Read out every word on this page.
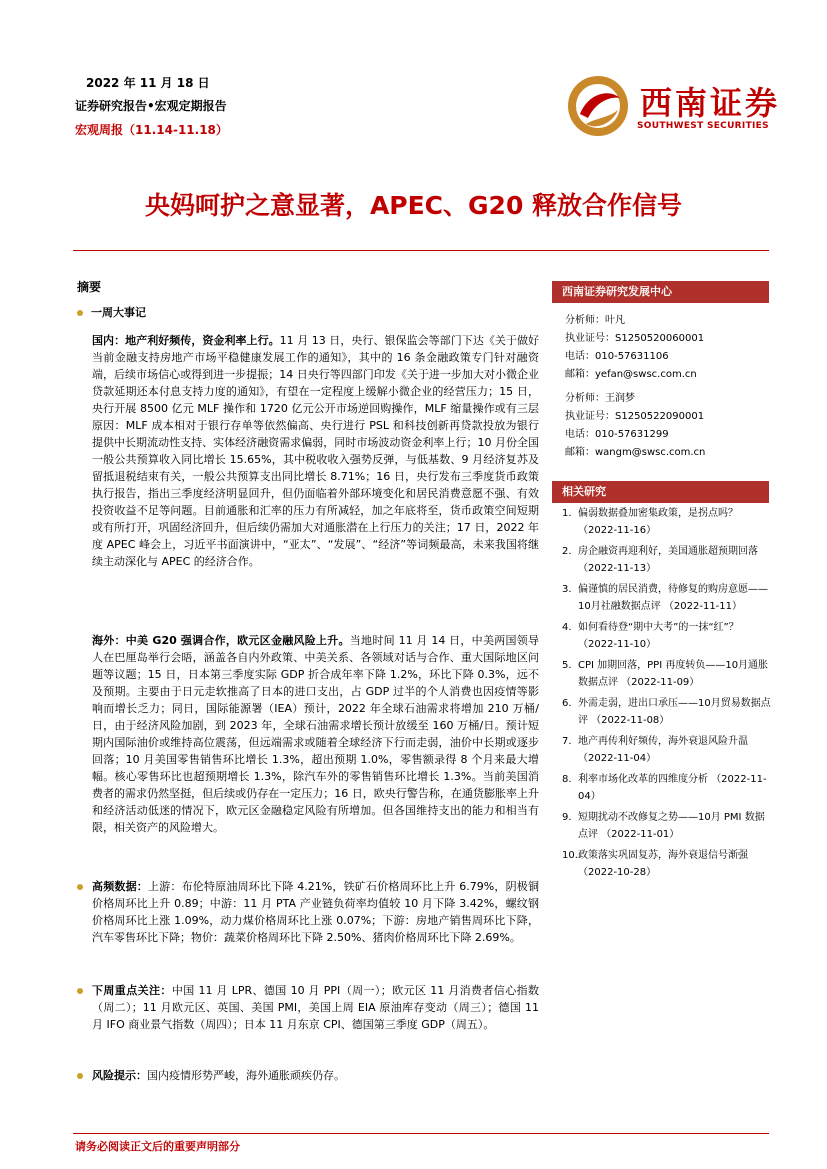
2022 年 11 月 18 日
证券研究报告•宏观定期报告
宏观周报（11.14-11.18）
西南证券
SOUTHWEST SECURITIES
央妈呵护之意显著，APEC、G20 释放合作信号
摘要
一周大事记
国内：地产利好频传，资金利率上行。11 月 13 日，央行、银保监会等部门下达《关于做好当前金融支持房地产市场平稳健康发展工作的通知》，其中的 16 条金融政策专门针对融资端，后续市场信心或得到进一步提振；14 日央行等四部门印发《关于进一步加大对小微企业贷款延期还本付息支持力度的通知》，有望在一定程度上缓解小微企业的经营压力；15 日，央行开展 8500 亿元 MLF 操作和 1720 亿元公开市场逆回购操作，MLF 缩量操作或有三层原因：MLF 成本相对于银行存单等依然偏高、央行进行 PSL 和科技创新再贷款投放为银行提供中长期流动性支持、实体经济融资需求偏弱，同时市场波动资金利率上行；10 月份全国一般公共预算收入同比增长 15.65%，其中税收收入强势反弹，与低基数、9 月经济复苏及留抵退税结束有关，一般公共预算支出同比增长 8.71%；16 日，央行发布三季度货币政策执行报告，指出三季度经济明显回升，但仍面临着外部环境变化和居民消费意愿不强、有效投资收益不足等问题。目前通胀和汇率的压力有所减轻，加之年底将至，货币政策空间短期或有所打开，巩固经济回升，但后续仍需加大对通胀潜在上行压力的关注；17 日，2022 年度 APEC 峰会上，习近平书面演讲中，“亚太”、“发展”、“经济”等词频最高，未来我国将继续主动深化与 APEC 的经济合作。
海外：中美 G20 强调合作，欧元区金融风险上升。当地时间 11 月 14 日，中美两国领导人在巴厘岛举行会晤，涵盖各自内外政策、中美关系、各领域对话与合作、重大国际地区问题等议题；15 日，日本第三季度实际 GDP 折合成年率下降 1.2%，环比下降 0.3%，远不及预期。主要由于日元走软推高了日本的进口支出，占 GDP 过半的个人消费也因疫情等影响而增长乏力；同日，国际能源署（IEA）预计，2022 年全球石油需求将增加 210 万桶/日，由于经济风险加剧，到 2023 年，全球石油需求增长预计放缓至 160 万桶/日。预计短期内国际油价或维持高位震荡，但远端需求或随着全球经济下行而走弱，油价中长期或逐步回落；10 月美国零售销售环比增长 1.3%，超出预期 1.0%，零售额录得 8 个月来最大增幅。核心零售环比也超预期增长 1.3%，除汽车外的零售销售环比增长 1.3%。当前美国消费者的需求仍然坚挺，但后续或仍存在一定压力；16 日，欧央行警告称，在通货膨胀率上升和经济活动低迷的情况下，欧元区金融稳定风险有所增加。但各国维持支出的能力和相当有限，相关资产的风险增大。
高频数据：上游：布伦特原油周环比下降 4.21%，铁矿石价格周环比上升 6.79%，阴极铜价格周环比上升 0.89；中游：11 月 PTA 产业链负荷率均值较 10 月下降 3.42%，螺纹钢价格周环比上涨 1.09%，动力煤价格周环比上涨 0.07%；下游：房地产销售周环比下降，汽车零售环比下降；物价：蔬菜价格周环比下降 2.50%、猪肉价格周环比下降 2.69%。
下周重点关注：中国 11 月 LPR、德国 10 月 PPI（周一）；欧元区 11 月消费者信心指数（周二）；11 月欧元区、英国、美国 PMI，美国上周 EIA 原油库存变动（周三）；德国 11 月 IFO 商业景气指数（周四）；日本 11 月东京 CPI、德国第三季度 GDP（周五）。
风险提示：国内疫情形势严峻，海外通胀顽疾仍存。
西南证券研究发展中心
分析师：叶凡
执业证号：S1250520060001
电话：010-57631106
邮箱：yefan@swsc.com.cn
分析师：王润梦
执业证号：S1250522090001
电话：010-57631299
邮箱：wangm@swsc.com.cn
相关研究
1. 偏弱数据叠加密集政策，是拐点吗？（2022-11-16）
2. 房企融资再迎利好，美国通胀超预期回落 （2022-11-13）
3. 偏谨慎的居民消费，待修复的购房意愿——10月社融数据点评 （2022-11-11）
4. 如何看待登“期中大考”的一抹“红”？（2022-11-10）
5. CPI 加期回落，PPI 再度转负——10月通胀数据点评 （2022-11-09）
6. 外需走弱，进出口承压——10月贸易数据点评 （2022-11-08）
7. 地产再传利好频传，海外衰退风险升温 （2022-11-04）
8. 利率市场化改革的四维度分析 （2022-11-04）
9. 短期扰动不改修复之势——10月 PMI 数据点评 （2022-11-01）
10. 政策落实巩固复苏，海外衰退信号渐强 （2022-10-28）
请务必阅读正文后的重要声明部分
